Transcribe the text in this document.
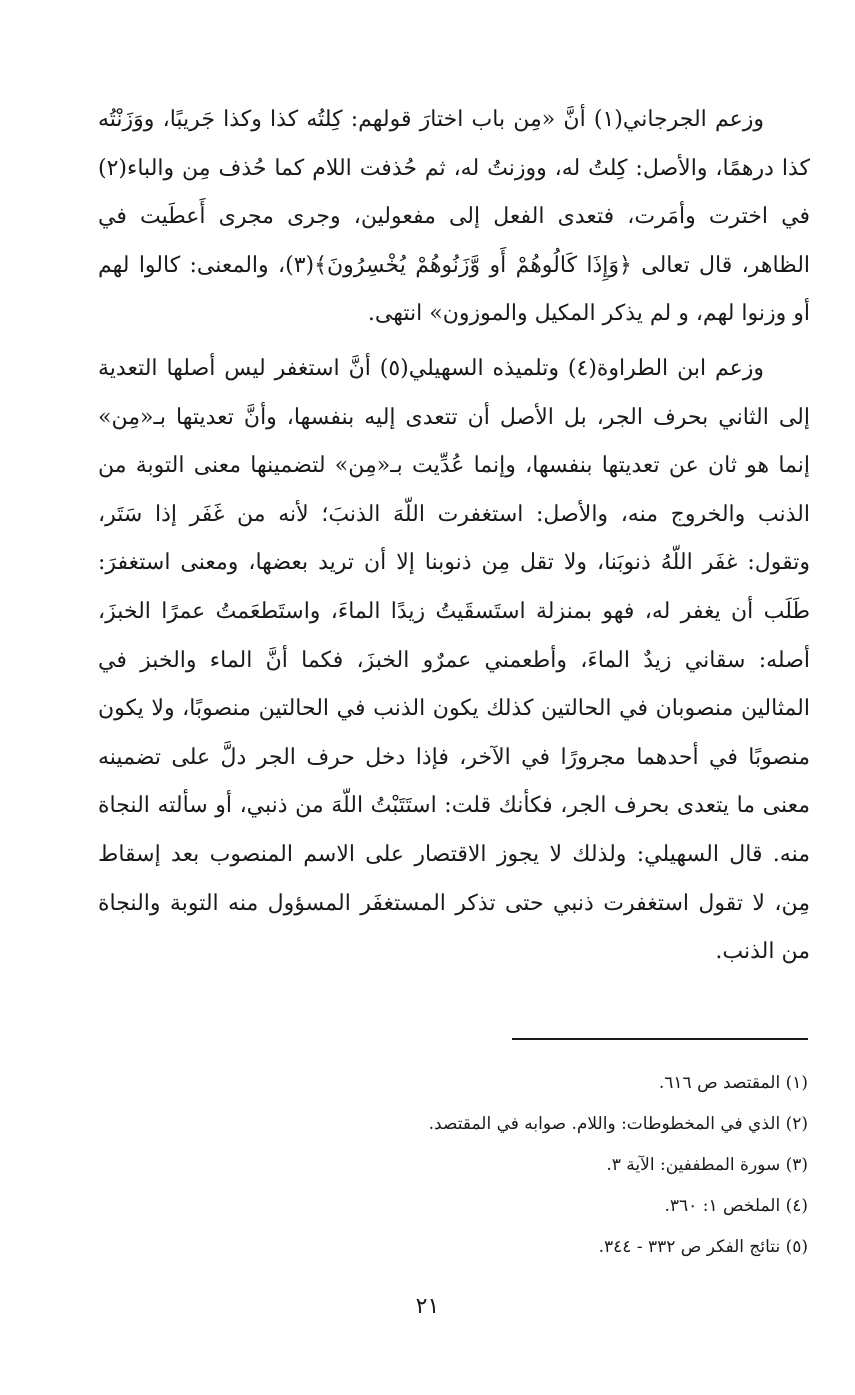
وزعم الجرجاني(١) أنَّ «مِن باب اختارَ قولهم: كِلتُه كذا وكذا جَريبًا، ووَزَنْتُه كذا درهمًا، والأصل: كِلتُ له، ووزنتُ له، ثم حُذفت اللام كما حُذف مِن والباء(٢) في اخترت وأمَرت، فتعدى الفعل إلى مفعولين، وجرى مجرى أَعطَيت في الظاهر، قال تعالى ﴿وَإِذَا كَالُوهُمْ أَو وَّزَنُوهُمْ يُخْسِرُونَ﴾(٣)، والمعنى: كالوا لهم أو وزنوا لهم، و لم يذكر المكيل والموزون» انتهى.

وزعم ابن الطراوة(٤) وتلميذه السهيلي(٥) أنَّ استغفر ليس أصلها التعدية إلى الثاني بحرف الجر، بل الأصل أن تتعدى إليه بنفسها، وأنَّ تعديتها بـ«مِن» إنما هو ثان عن تعديتها بنفسها، وإنما عُدِّيت بـ«مِن» لتضمينها معنى التوبة من الذنب والخروج منه، والأصل: استغفرت اللّهَ الذنبَ؛ لأنه من غَفَر إذا سَتَر، وتقول: غفَر اللّهُ ذنوبَنا، ولا تقل مِن ذنوبنا إلا أن تريد بعضها، ومعنى استغفرَ: طَلَب أن يغفر له، فهو بمنزلة استَسقَيتُ زيدًا الماءَ، واستَطعَمتُ عمرًا الخبزَ، أصله: سقاني زيدٌ الماءَ، وأطعمني عمرٌو الخبزَ، فكما أنَّ الماء والخبز في المثالين منصوبان في الحالتين كذلك يكون الذنب في الحالتين منصوبًا، ولا يكون منصوبًا في أحدهما مجرورًا في الآخر، فإذا دخل حرف الجر دلَّ على تضمينه معنى ما يتعدى بحرف الجر، فكأنك قلت: استَتَبْتُ اللّهَ من ذنبي، أو سألته النجاة منه. قال السهيلي: ولذلك لا يجوز الاقتصار على الاسم المنصوب بعد إسقاط مِن، لا تقول استغفرت ذنبي حتى تذكر المستغفَر المسؤول منه التوبة والنجاة من الذنب.

(١) المقتصد ص ٦١٦.
(٢) الذي في المخطوطات: واللام. صوابه في المقتصد.
(٣) سورة المطففين: الآية ٣.
(٤) الملخص ١: ٣٦٠.
(٥) نتائج الفكر ص ٣٣٢ - ٣٤٤.
٢١
